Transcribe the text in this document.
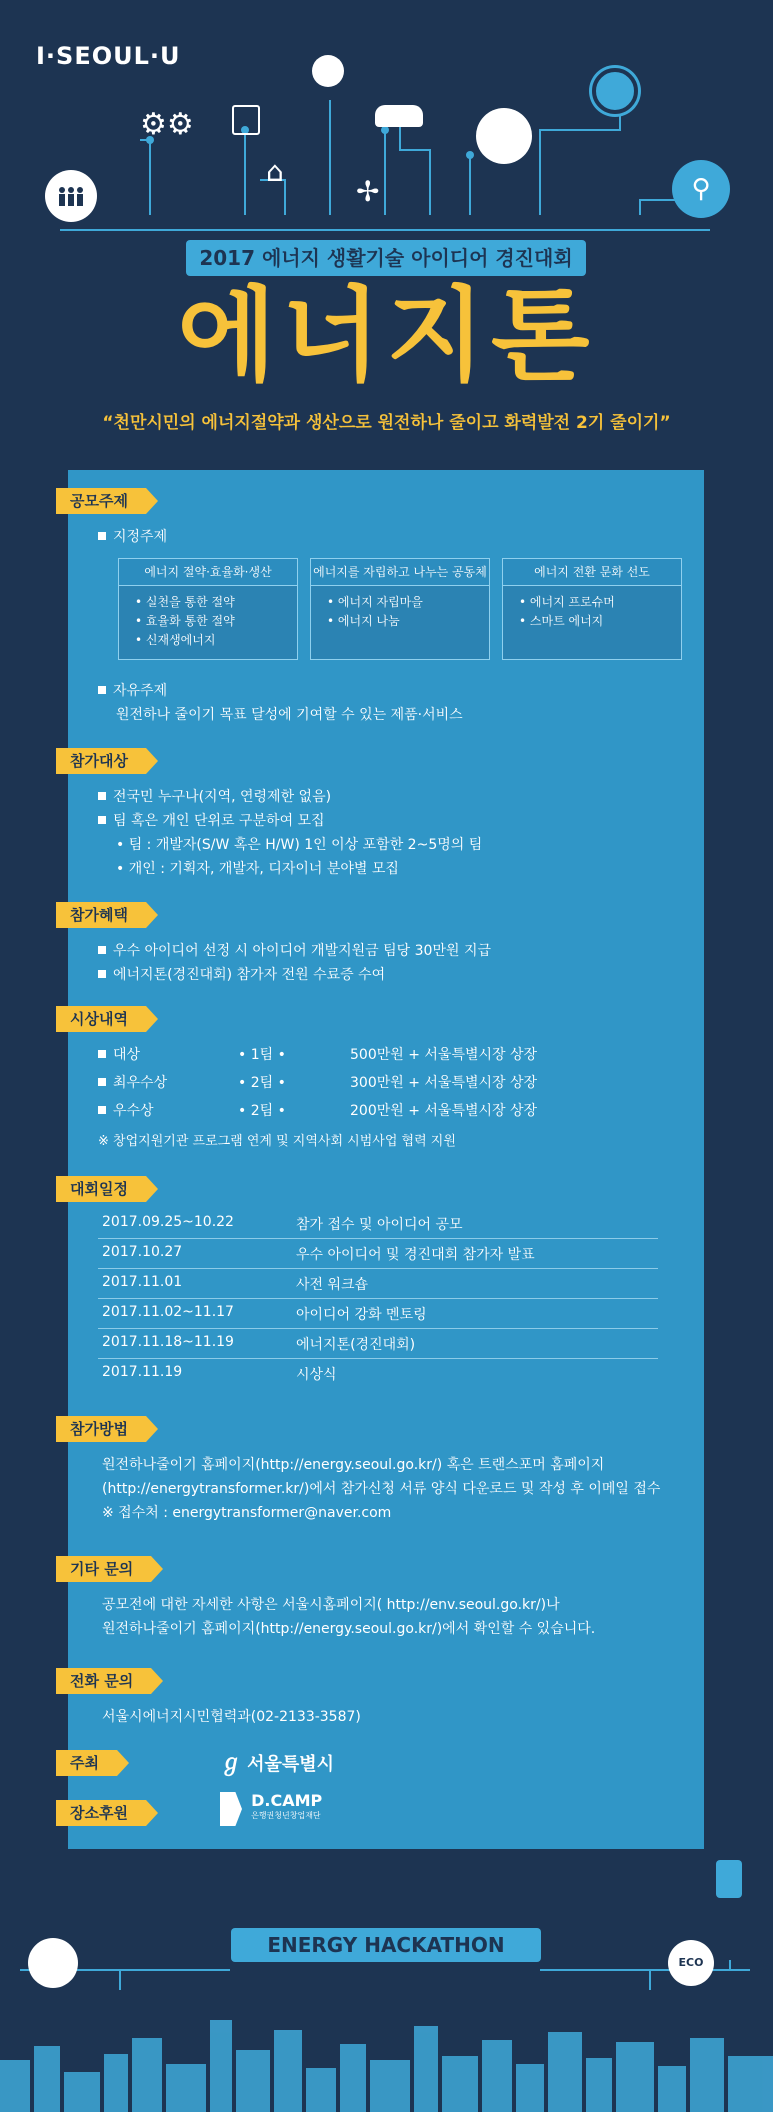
I·SEOUL·U
⚙⚙
⌂
✢	⚲
2017 에너지 생활기술 아이디어 경진대회
에너지톤
“천만시민의 에너지절약과 생산으로 원전하나 줄이고 화력발전 2기 줄이기”
공모주제
지정주제
에너지 절약·효율화·생산
• 실천을 통한 절약
• 효율화 통한 절약
• 신재생에너지
에너지를 자립하고 나누는 공동체
• 에너지 자립마을
• 에너지 나눔
에너지 전환 문화 선도
• 에너지 프로슈머
• 스마트 에너지
자유주제
원전하나 줄이기 목표 달성에 기여할 수 있는 제품·서비스
참가대상
전국민 누구나(지역, 연령제한 없음)
팀 혹은 개인 단위로 구분하여 모집
• 팀 : 개발자(S/W 혹은 H/W) 1인 이상 포함한 2~5명의 팀
• 개인 : 기획자, 개발자, 디자이너 분야별 모집
참가혜택
우수 아이디어 선정 시 아이디어 개발지원금 팀당 30만원 지급
에너지톤(경진대회) 참가자 전원 수료증 수여
시상내역
대상	• 1팀 •	500만원 + 서울특별시장 상장
최우수상	• 2팀 •	300만원 + 서울특별시장 상장
우수상	• 2팀 •	200만원 + 서울특별시장 상장
※ 창업지원기관 프로그램 연계 및 지역사회 시범사업 협력 지원
대회일정
2017.09.25~10.22	참가 접수 및 아이디어 공모
2017.10.27	우수 아이디어 및 경진대회 참가자 발표
2017.11.01	사전 워크숍
2017.11.02~11.17	아이디어 강화 멘토링
2017.11.18~11.19	에너지톤(경진대회)
2017.11.19	시상식
참가방법
원전하나줄이기 홈페이지(http://energy.seoul.go.kr/) 혹은 트랜스포머 홈페이지
(http://energytransformer.kr/)에서 참가신청 서류 양식 다운로드 및 작성 후 이메일 접수
※ 접수처 : energytransformer@naver.com
기타 문의
공모전에 대한 자세한 사항은 서울시홈페이지( http://env.seoul.go.kr/)나
원전하나줄이기 홈페이지(http://energy.seoul.go.kr/)에서 확인할 수 있습니다.
전화 문의
서울시에너지시민협력과(02-2133-3587)
주최	ℊ 서울특별시
장소후원

D.CAMP
은행권청년창업재단
ECO
ENERGY HACKATHON
